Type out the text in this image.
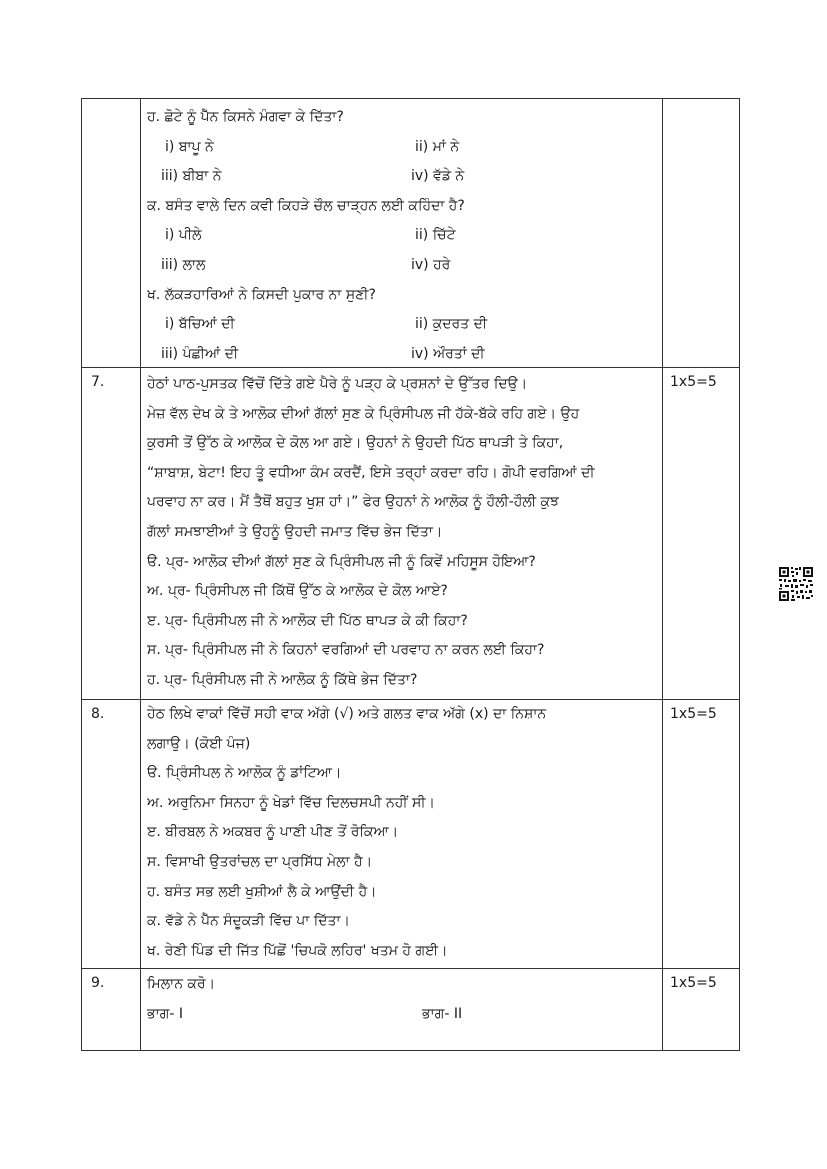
ਹ. ਛੋਟੇ ਨੂੰ ਪੈੱਨ ਕਿਸਨੇ ਮੰਗਵਾ ਕੇ ਦਿੱਤਾ?
i) ਬਾਪੂ ਨੇ	ii) ਮਾਂ ਨੇ
iii) ਬੀਬਾ ਨੇ	iv) ਵੱਡੇ ਨੇ
ਕ. ਬਸੰਤ ਵਾਲੇ ਦਿਨ ਕਵੀ ਕਿਹੜੇ ਚੌਲ ਚਾੜ੍ਹਨ ਲਈ ਕਹਿੰਦਾ ਹੈ?
i) ਪੀਲੇ	ii) ਚਿੱਟੇ
iii) ਲਾਲ	iv) ਹਰੇ
ਖ. ਲੱਕੜਹਾਰਿਆਂ ਨੇ ਕਿਸਦੀ ਪੁਕਾਰ ਨਾ ਸੁਣੀ?
i) ਬੱਚਿਆਂ ਦੀ	ii) ਕੁਦਰਤ ਦੀ
iii) ਪੰਛੀਆਂ ਦੀ	iv) ਔਰਤਾਂ ਦੀ
7.	1x5=5
ਹੇਠਾਂ ਪਾਠ-ਪੁਸਤਕ ਵਿੱਚੋਂ ਦਿੱਤੇ ਗਏ ਪੈਰੇ ਨੂੰ ਪੜ੍ਹ ਕੇ ਪ੍ਰਸ਼ਨਾਂ ਦੇ ਉੱਤਰ ਦਿਉ।
ਮੇਜ਼ ਵੱਲ ਦੇਖ ਕੇ ਤੇ ਆਲੋਕ ਦੀਆਂ ਗੱਲਾਂ ਸੁਣ ਕੇ ਪ੍ਰਿੰਸੀਪਲ ਜੀ ਹੱਕੇ-ਬੱਕੇ ਰਹਿ ਗਏ। ਉਹ
ਕੁਰਸੀ ਤੋਂ ਉੱਠ ਕੇ ਆਲੋਕ ਦੇ ਕੋਲ ਆ ਗਏ। ਉਹਨਾਂ ਨੇ ਉਹਦੀ ਪਿੱਠ ਥਾਪੜੀ ਤੇ ਕਿਹਾ,
“ਸ਼ਾਬਾਸ਼, ਬੇਟਾ! ਇਹ ਤੂੰ ਵਧੀਆ ਕੰਮ ਕਰਦੈਂ, ਇਸੇ ਤਰ੍ਹਾਂ ਕਰਦਾ ਰਹਿ। ਗੋਪੀ ਵਰਗਿਆਂ ਦੀ
ਪਰਵਾਹ ਨਾ ਕਰ। ਮੈਂ ਤੈਥੋਂ ਬਹੁਤ ਖੁਸ਼ ਹਾਂ।” ਫੇਰ ਉਹਨਾਂ ਨੇ ਆਲੋਕ ਨੂੰ ਹੌਲੀ-ਹੌਲੀ ਕੁਝ
ਗੱਲਾਂ ਸਮਝਾਈਆਂ ਤੇ ਉਹਨੂੰ ਉਹਦੀ ਜਮਾਤ ਵਿੱਚ ਭੇਜ ਦਿੱਤਾ।
ੳ. ਪ੍ਰ- ਆਲੋਕ ਦੀਆਂ ਗੱਲਾਂ ਸੁਣ ਕੇ ਪ੍ਰਿੰਸੀਪਲ ਜੀ ਨੂੰ ਕਿਵੇਂ ਮਹਿਸੂਸ ਹੋਇਆ?
ਅ. ਪ੍ਰ- ਪ੍ਰਿੰਸੀਪਲ ਜੀ ਕਿੱਥੋਂ ਉੱਠ ਕੇ ਆਲੋਕ ਦੇ ਕੋਲ ਆਏ?
ੲ. ਪ੍ਰ- ਪ੍ਰਿੰਸੀਪਲ ਜੀ ਨੇ ਆਲੋਕ ਦੀ ਪਿੱਠ ਥਾਪੜ ਕੇ ਕੀ ਕਿਹਾ?
ਸ. ਪ੍ਰ- ਪ੍ਰਿੰਸੀਪਲ ਜੀ ਨੇ ਕਿਹਨਾਂ ਵਰਗਿਆਂ ਦੀ ਪਰਵਾਹ ਨਾ ਕਰਨ ਲਈ ਕਿਹਾ?
ਹ. ਪ੍ਰ- ਪ੍ਰਿੰਸੀਪਲ ਜੀ ਨੇ ਆਲੋਕ ਨੂੰ ਕਿੱਥੇ ਭੇਜ ਦਿੱਤਾ?
8.	1x5=5
ਹੇਠ ਲਿਖੇ ਵਾਕਾਂ ਵਿੱਚੋਂ ਸਹੀ ਵਾਕ ਅੱਗੇ (√) ਅਤੇ ਗਲਤ ਵਾਕ ਅੱਗੇ (x) ਦਾ ਨਿਸ਼ਾਨ
ਲਗਾਉ। (ਕੋਈ ਪੰਜ)
ੳ. ਪ੍ਰਿੰਸੀਪਲ ਨੇ ਆਲੋਕ ਨੂੰ ਡਾਂਟਿਆ।
ਅ. ਅਰੁਨਿਮਾ ਸਿਨਹਾ ਨੂੰ ਖੇਡਾਂ ਵਿੱਚ ਦਿਲਚਸਪੀ ਨਹੀਂ ਸੀ।
ੲ. ਬੀਰਬਲ ਨੇ ਅਕਬਰ ਨੂੰ ਪਾਣੀ ਪੀਣ ਤੋਂ ਰੋਕਿਆ।
ਸ. ਵਿਸਾਖੀ ਉਤਰਾਂਚਲ ਦਾ ਪ੍ਰਸਿੱਧ ਮੇਲਾ ਹੈ।
ਹ. ਬਸੰਤ ਸਭ ਲਈ ਖੁਸ਼ੀਆਂ ਲੈ ਕੇ ਆਉਂਦੀ ਹੈ।
ਕ. ਵੱਡੇ ਨੇ ਪੈੱਨ ਸੰਦੂਕੜੀ ਵਿੱਚ ਪਾ ਦਿੱਤਾ।
ਖ. ਰੇਣੀ ਪਿੰਡ ਦੀ ਜਿੱਤ ਪਿੱਛੋਂ 'ਚਿਪਕੋ ਲਹਿਰ' ਖਤਮ ਹੋ ਗਈ।
9.	1x5=5
ਮਿਲਾਨ ਕਰੋ।
ਭਾਗ- I	ਭਾਗ- II
